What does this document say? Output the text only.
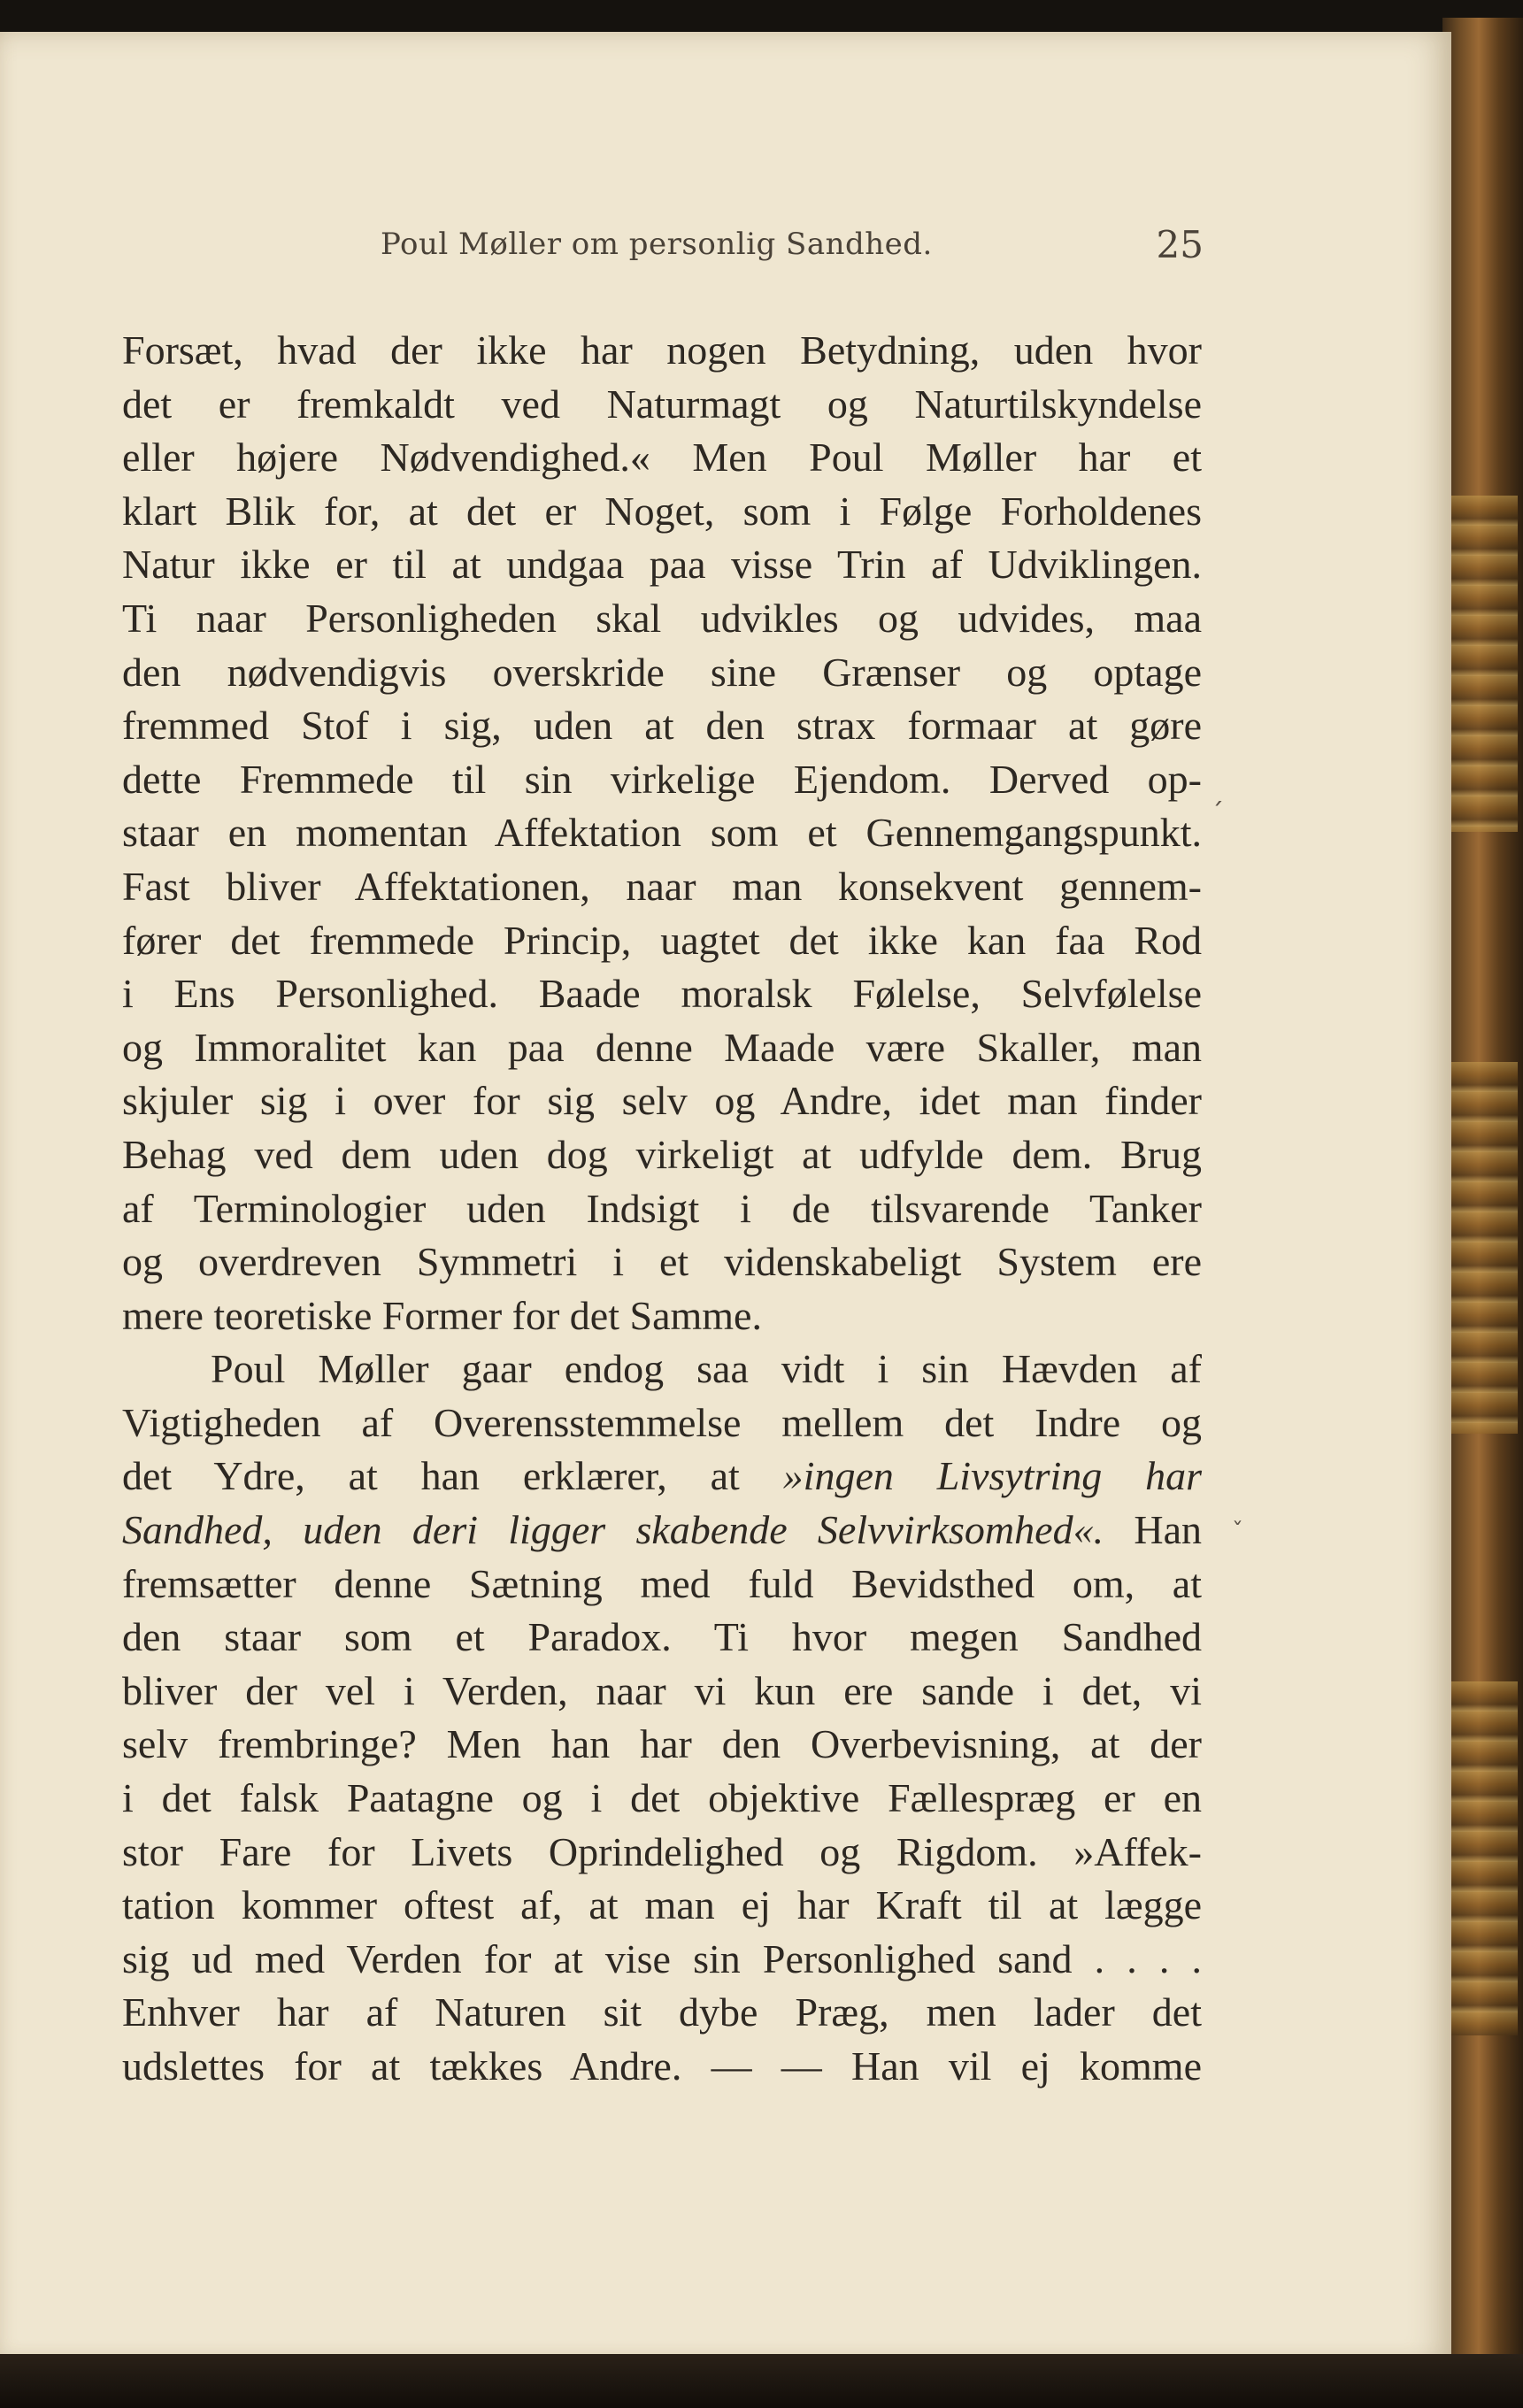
Poul Møller om personlig Sandhed.	25
Forsæt, hvad der ikke har nogen Betydning, uden hvor
det er fremkaldt ved Naturmagt og Naturtilskyndelse
eller højere Nødvendighed.« Men Poul Møller har et
klart Blik for, at det er Noget, som i Følge Forholdenes
Natur ikke er til at undgaa paa visse Trin af Udviklingen.
Ti naar Personligheden skal udvikles og udvides, maa
den nødvendigvis overskride sine Grænser og optage
fremmed Stof i sig, uden at den strax formaar at gøre
dette Fremmede til sin virkelige Ejendom. Derved op-
staar en momentan Affektation som et Gennemgangspunkt.
Fast bliver Affektationen, naar man konsekvent gennem-
fører det fremmede Princip, uagtet det ikke kan faa Rod
i Ens Personlighed. Baade moralsk Følelse, Selvfølelse
og Immoralitet kan paa denne Maade være Skaller, man
skjuler sig i over for sig selv og Andre, idet man finder
Behag ved dem uden dog virkeligt at udfylde dem. Brug
af Terminologier uden Indsigt i de tilsvarende Tanker
og overdreven Symmetri i et videnskabeligt System ere
mere teoretiske Former for det Samme.
Poul Møller gaar endog saa vidt i sin Hævden af
Vigtigheden af Overensstemmelse mellem det Indre og
det Ydre, at han erklærer, at »ingen Livsytring har
Sandhed, uden deri ligger skabende Selvvirksomhed«. Han
fremsætter denne Sætning med fuld Bevidsthed om, at
den staar som et Paradox. Ti hvor megen Sandhed
bliver der vel i Verden, naar vi kun ere sande i det, vi
selv frembringe? Men han har den Overbevisning, at der
i det falsk Paatagne og i det objektive Fællespræg er en
stor Fare for Livets Oprindelighed og Rigdom. »Affek-
tation kommer oftest af, at man ej har Kraft til at lægge
sig ud med Verden for at vise sin Personlighed sand . . . .
Enhver har af Naturen sit dybe Præg, men lader det
udslettes for at tækkes Andre. — — Han vil ej komme
ˇ
´
